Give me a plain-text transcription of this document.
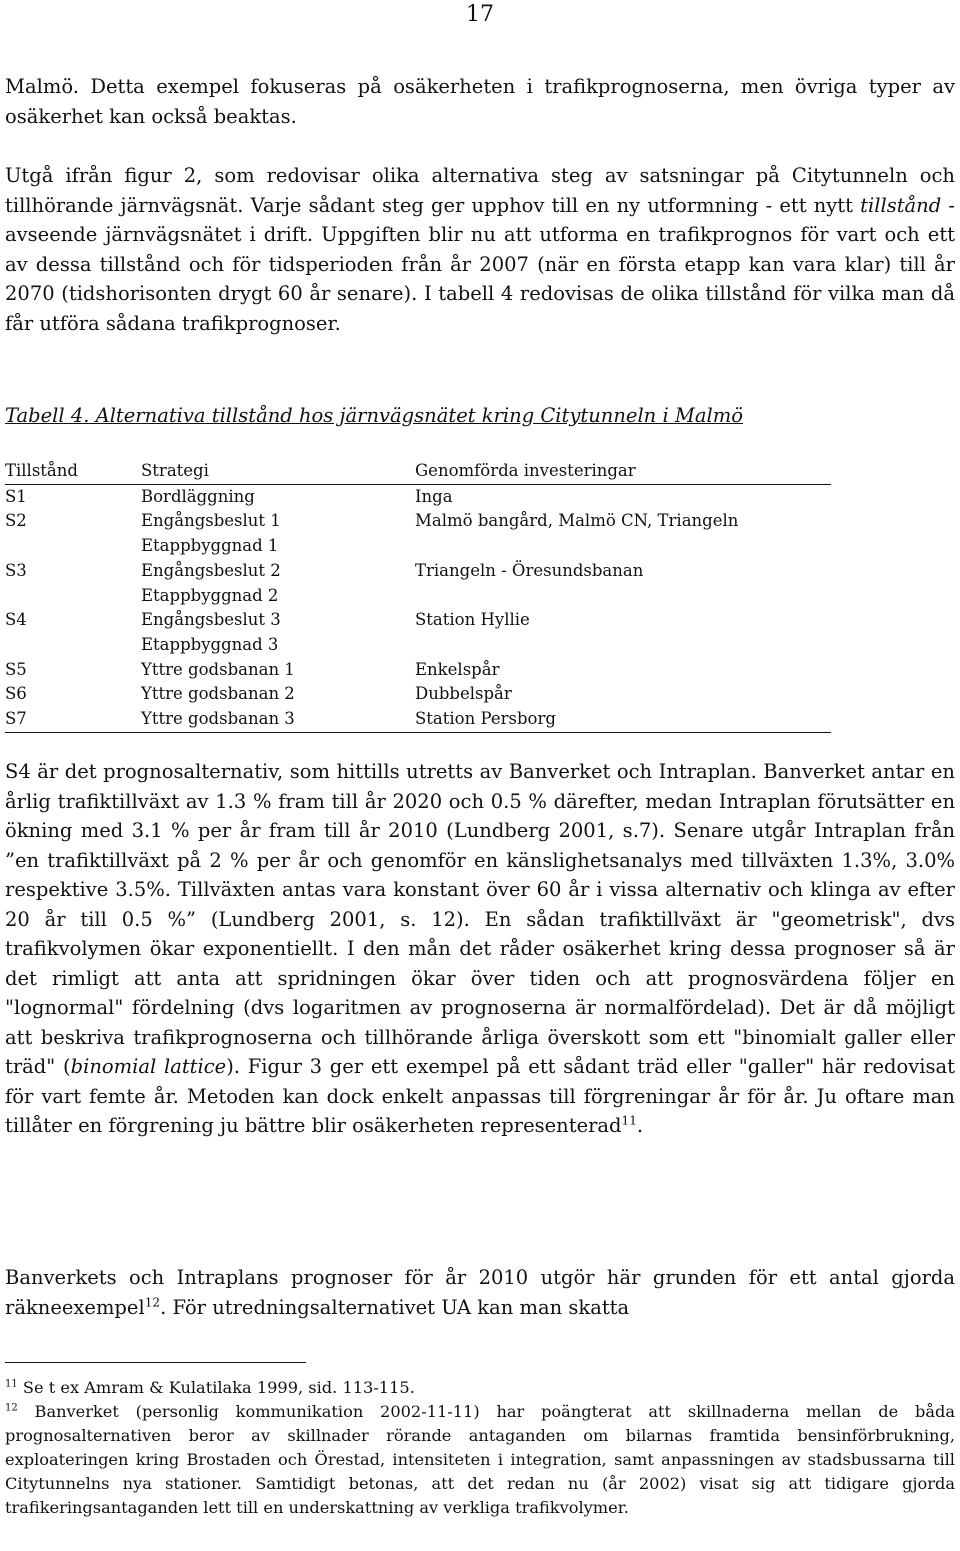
17

Malmö. Detta exempel fokuseras på osäkerheten i trafikprognoserna, men övriga typer av osäkerhet kan också beaktas.

Utgå ifrån figur 2, som redovisar olika alternativa steg av satsningar på Citytunneln och tillhörande järnvägsnät. Varje sådant steg ger upphov till en ny utformning - ett nytt tillstånd - avseende järnvägsnätet i drift. Uppgiften blir nu att utforma en trafikprognos för vart och ett av dessa tillstånd och för tidsperioden från år 2007 (när en första etapp kan vara klar) till år 2070 (tidshorisonten drygt 60 år senare). I tabell 4 redovisas de olika tillstånd för vilka man då får utföra sådana trafikprognoser.

Tabell 4. Alternativa tillstånd hos järnvägsnätet kring Citytunneln i Malmö
Tillstånd	Strategi	Genomförda investeringar
S1	Bordläggning	Inga
S2	Engångsbeslut 1	Malmö bangård, Malmö CN, Triangeln
	Etappbyggnad 1	
S3	Engångsbeslut 2	Triangeln - Öresundsbanan
	Etappbyggnad 2	
S4	Engångsbeslut 3	Station Hyllie
	Etappbyggnad 3	
S5	Yttre godsbanan 1	Enkelspår
S6	Yttre godsbanan 2	Dubbelspår
S7	Yttre godsbanan 3	Station Persborg

S4 är det prognosalternativ, som hittills utretts av Banverket och Intraplan. Banverket antar en årlig trafiktillväxt av 1.3 % fram till år 2020 och 0.5 % därefter, medan Intraplan förutsätter en ökning med 3.1 % per år fram till år 2010 (Lundberg 2001, s.7). Senare utgår Intraplan från ”en trafiktillväxt på 2 % per år och genomför en känslighetsanalys med tillväxten 1.3%, 3.0% respektive 3.5%. Tillväxten antas vara konstant över 60 år i vissa alternativ och klinga av efter 20 år till 0.5 %” (Lundberg 2001, s. 12). En sådan trafiktillväxt är "geometrisk", dvs trafikvolymen ökar exponentiellt. I den mån det råder osäkerhet kring dessa prognoser så är det rimligt att anta att spridningen ökar över tiden och att prognosvärdena följer en "lognormal" fördelning (dvs logaritmen av prognoserna är normalfördelad). Det är då möjligt att beskriva trafikprognoserna och tillhörande årliga överskott som ett "binomialt galler eller träd" (binomial lattice). Figur 3 ger ett exempel på ett sådant träd eller "galler" här redovisat för vart femte år. Metoden kan dock enkelt anpassas till förgreningar år för år. Ju oftare man tillåter en förgrening ju bättre blir osäkerheten representerad$^{11}$.

Banverkets och Intraplans prognoser för år 2010 utgör här grunden för ett antal gjorda räkneexempel$^{12}$. För utredningsalternativet UA kan man skatta

$^{11}$ Se t ex Amram & Kulatilaka 1999, sid. 113-115.

$^{12}$ Banverket (personlig kommunikation 2002-11-11) har poängterat att skillnaderna mellan de båda prognosalternativen beror av skillnader rörande antaganden om bilarnas framtida bensinförbrukning, exploateringen kring Brostaden och Örestad, intensiteten i integration, samt anpassningen av stadsbussarna till Citytunnelns nya stationer. Samtidigt betonas, att det redan nu (år 2002) visat sig att tidigare gjorda trafikeringsantaganden lett till en underskattning av verkliga trafikvolymer.
